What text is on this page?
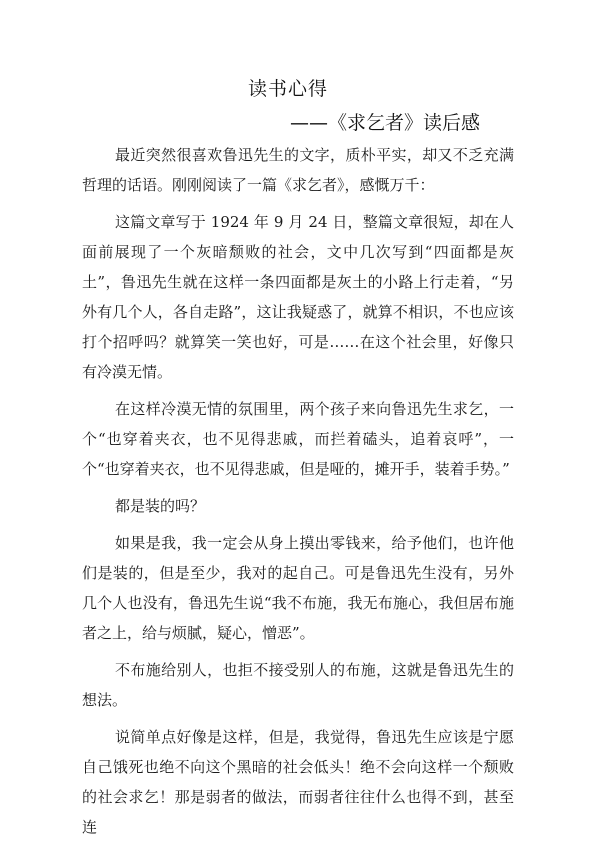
读书心得
——《求乞者》读后感

最近突然很喜欢鲁迅先生的文字，质朴平实，却又不乏充满哲理的话语。刚刚阅读了一篇《求乞者》，感慨万千：

这篇文章写于 1924 年 9 月 24 日，整篇文章很短，却在人面前展现了一个灰暗颓败的社会，文中几次写到“四面都是灰土”，鲁迅先生就在这样一条四面都是灰土的小路上行走着，“另外有几个人，各自走路”，这让我疑惑了，就算不相识，不也应该打个招呼吗？就算笑一笑也好，可是……在这个社会里，好像只有冷漠无情。

在这样冷漠无情的氛围里，两个孩子来向鲁迅先生求乞，一个“也穿着夹衣，也不见得悲戚，而拦着磕头，追着哀呼”，一个“也穿着夹衣，也不见得悲戚，但是哑的，摊开手，装着手势。”

都是装的吗？

如果是我，我一定会从身上摸出零钱来，给予他们，也许他们是装的，但是至少，我对的起自己。可是鲁迅先生没有，另外几个人也没有，鲁迅先生说“我不布施，我无布施心，我但居布施者之上，给与烦腻，疑心，憎恶”。

不布施给别人，也拒不接受别人的布施，这就是鲁迅先生的想法。

说简单点好像是这样，但是，我觉得，鲁迅先生应该是宁愿自己饿死也绝不向这个黑暗的社会低头！绝不会向这样一个颓败的社会求乞！那是弱者的做法，而弱者往往什么也得不到，甚至连
